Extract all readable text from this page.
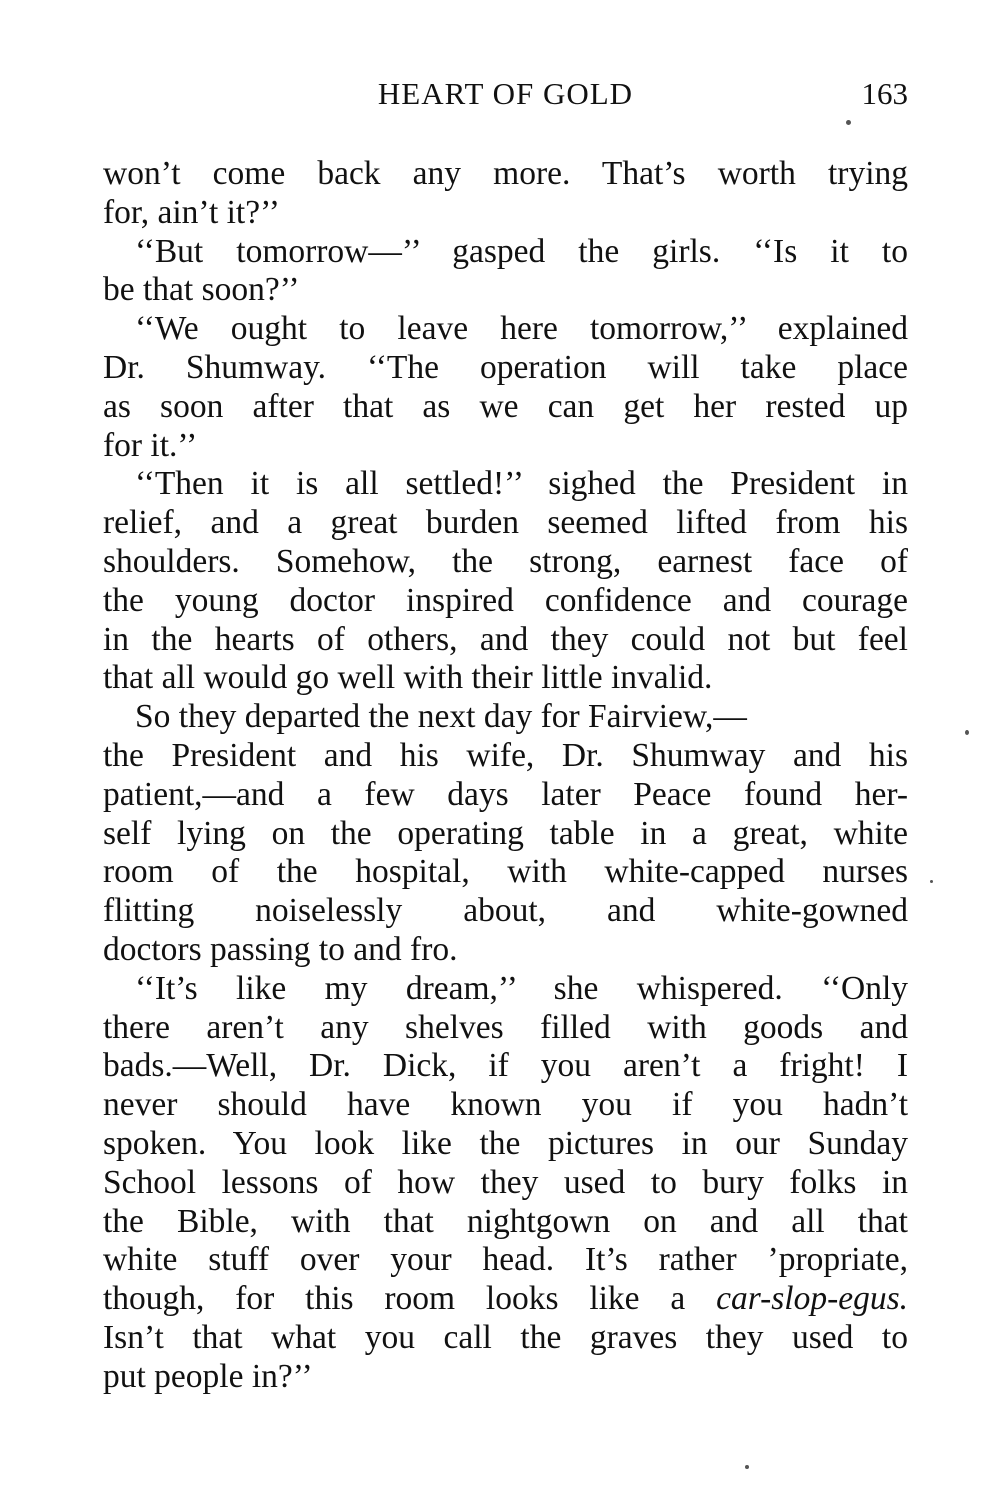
HEART OF GOLD	163
won’t come back any more. That’s worth trying
for, ain’t it?’’
‘‘But tomorrow—’’ gasped the girls. ‘‘Is it to
be that soon?’’
‘‘We ought to leave here tomorrow,’’ explained
Dr. Shumway. ‘‘The operation will take place
as soon after that as we can get her rested up
for it.’’
‘‘Then it is all settled!’’ sighed the President in
relief, and a great burden seemed lifted from his
shoulders. Somehow, the strong, earnest face of
the young doctor inspired confidence and courage
in the hearts of others, and they could not but feel
that all would go well with their little invalid.
So they departed the next day for Fairview,—
the President and his wife, Dr. Shumway and his
patient,—and a few days later Peace found her-
self lying on the operating table in a great, white
room of the hospital, with white-capped nurses
flitting noiselessly about, and white-gowned
doctors passing to and fro.
‘‘It’s like my dream,’’ she whispered. ‘‘Only
there aren’t any shelves filled with goods and
bads.—Well, Dr. Dick, if you aren’t a fright! I
never should have known you if you hadn’t
spoken. You look like the pictures in our Sunday
School lessons of how they used to bury folks in
the Bible, with that nightgown on and all that
white stuff over your head. It’s rather ’propriate,
though, for this room looks like a car-slop-egus.
Isn’t that what you call the graves they used to
put people in?’’
